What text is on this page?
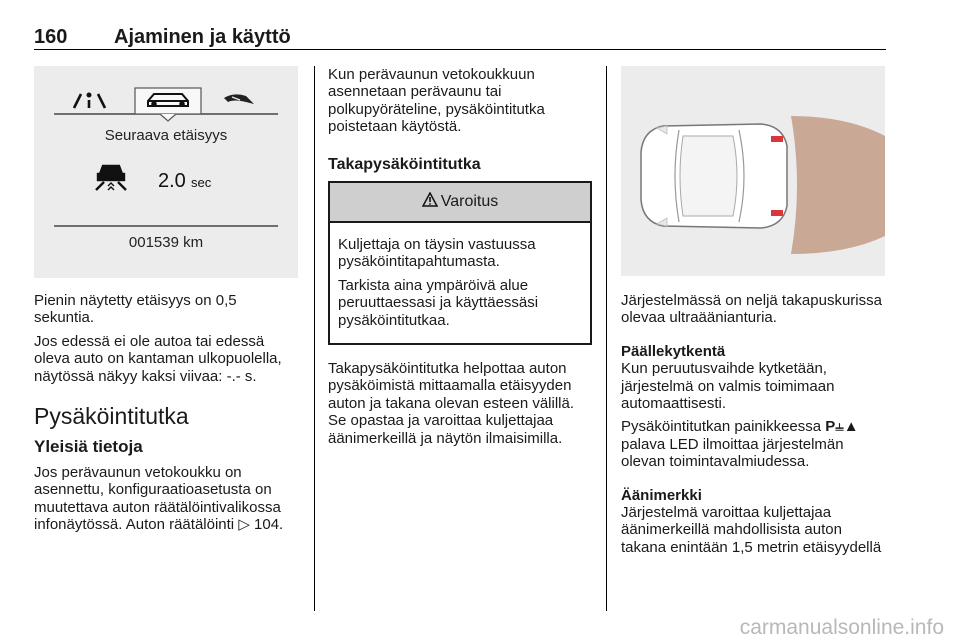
160 Ajaminen ja käyttö
Seuraava etäisyys
2.0 sec
001539 km

Pienin näytetty etäisyys on 0,5 sekuntia.

Jos edessä ei ole autoa tai edessä oleva auto on kantaman ulkopuolella, näytössä näkyy kaksi viivaa: -.- s.

Pysäköintitutka
Yleisiä tietoja

Jos perävaunun vetokoukku on asennettu, konfiguraatioasetusta on muutettava auton räätälöintivalikossa infonäytössä. Auton räätälöinti ▷ 104.

Kun perävaunun vetokoukkuun asennetaan perävaunu tai polkupyöräteline, pysäköintitutka poistetaan käytöstä.

Takapysäköintitutka
Varoitus

Kuljettaja on täysin vastuussa pysäköintitapahtumasta.

Tarkista aina ympäröivä alue peruuttaessasi ja käyttäessäsi pysäköintitutkaa.

Takapysäköintitutka helpottaa auton pysäköimistä mittaamalla etäisyyden auton ja takana olevan esteen välillä. Se opastaa ja varoittaa kuljettajaa äänimerkeillä ja näytön ilmaisimilla.

Järjestelmässä on neljä takapuskurissa olevaa ultraäänianturia.

Päällekytkentä

Kun peruutusvaihde kytketään, järjestelmä on valmis toimimaan automaattisesti.

Pysäköintitutkan painikkeessa P⫨▲ palava LED ilmoittaa järjestelmän olevan toimintavalmiudessa.

Äänimerkki

Järjestelmä varoittaa kuljettajaa äänimerkeillä mahdollisista auton takana enintään 1,5 metrin etäisyydellä

carmanualsonline.info
